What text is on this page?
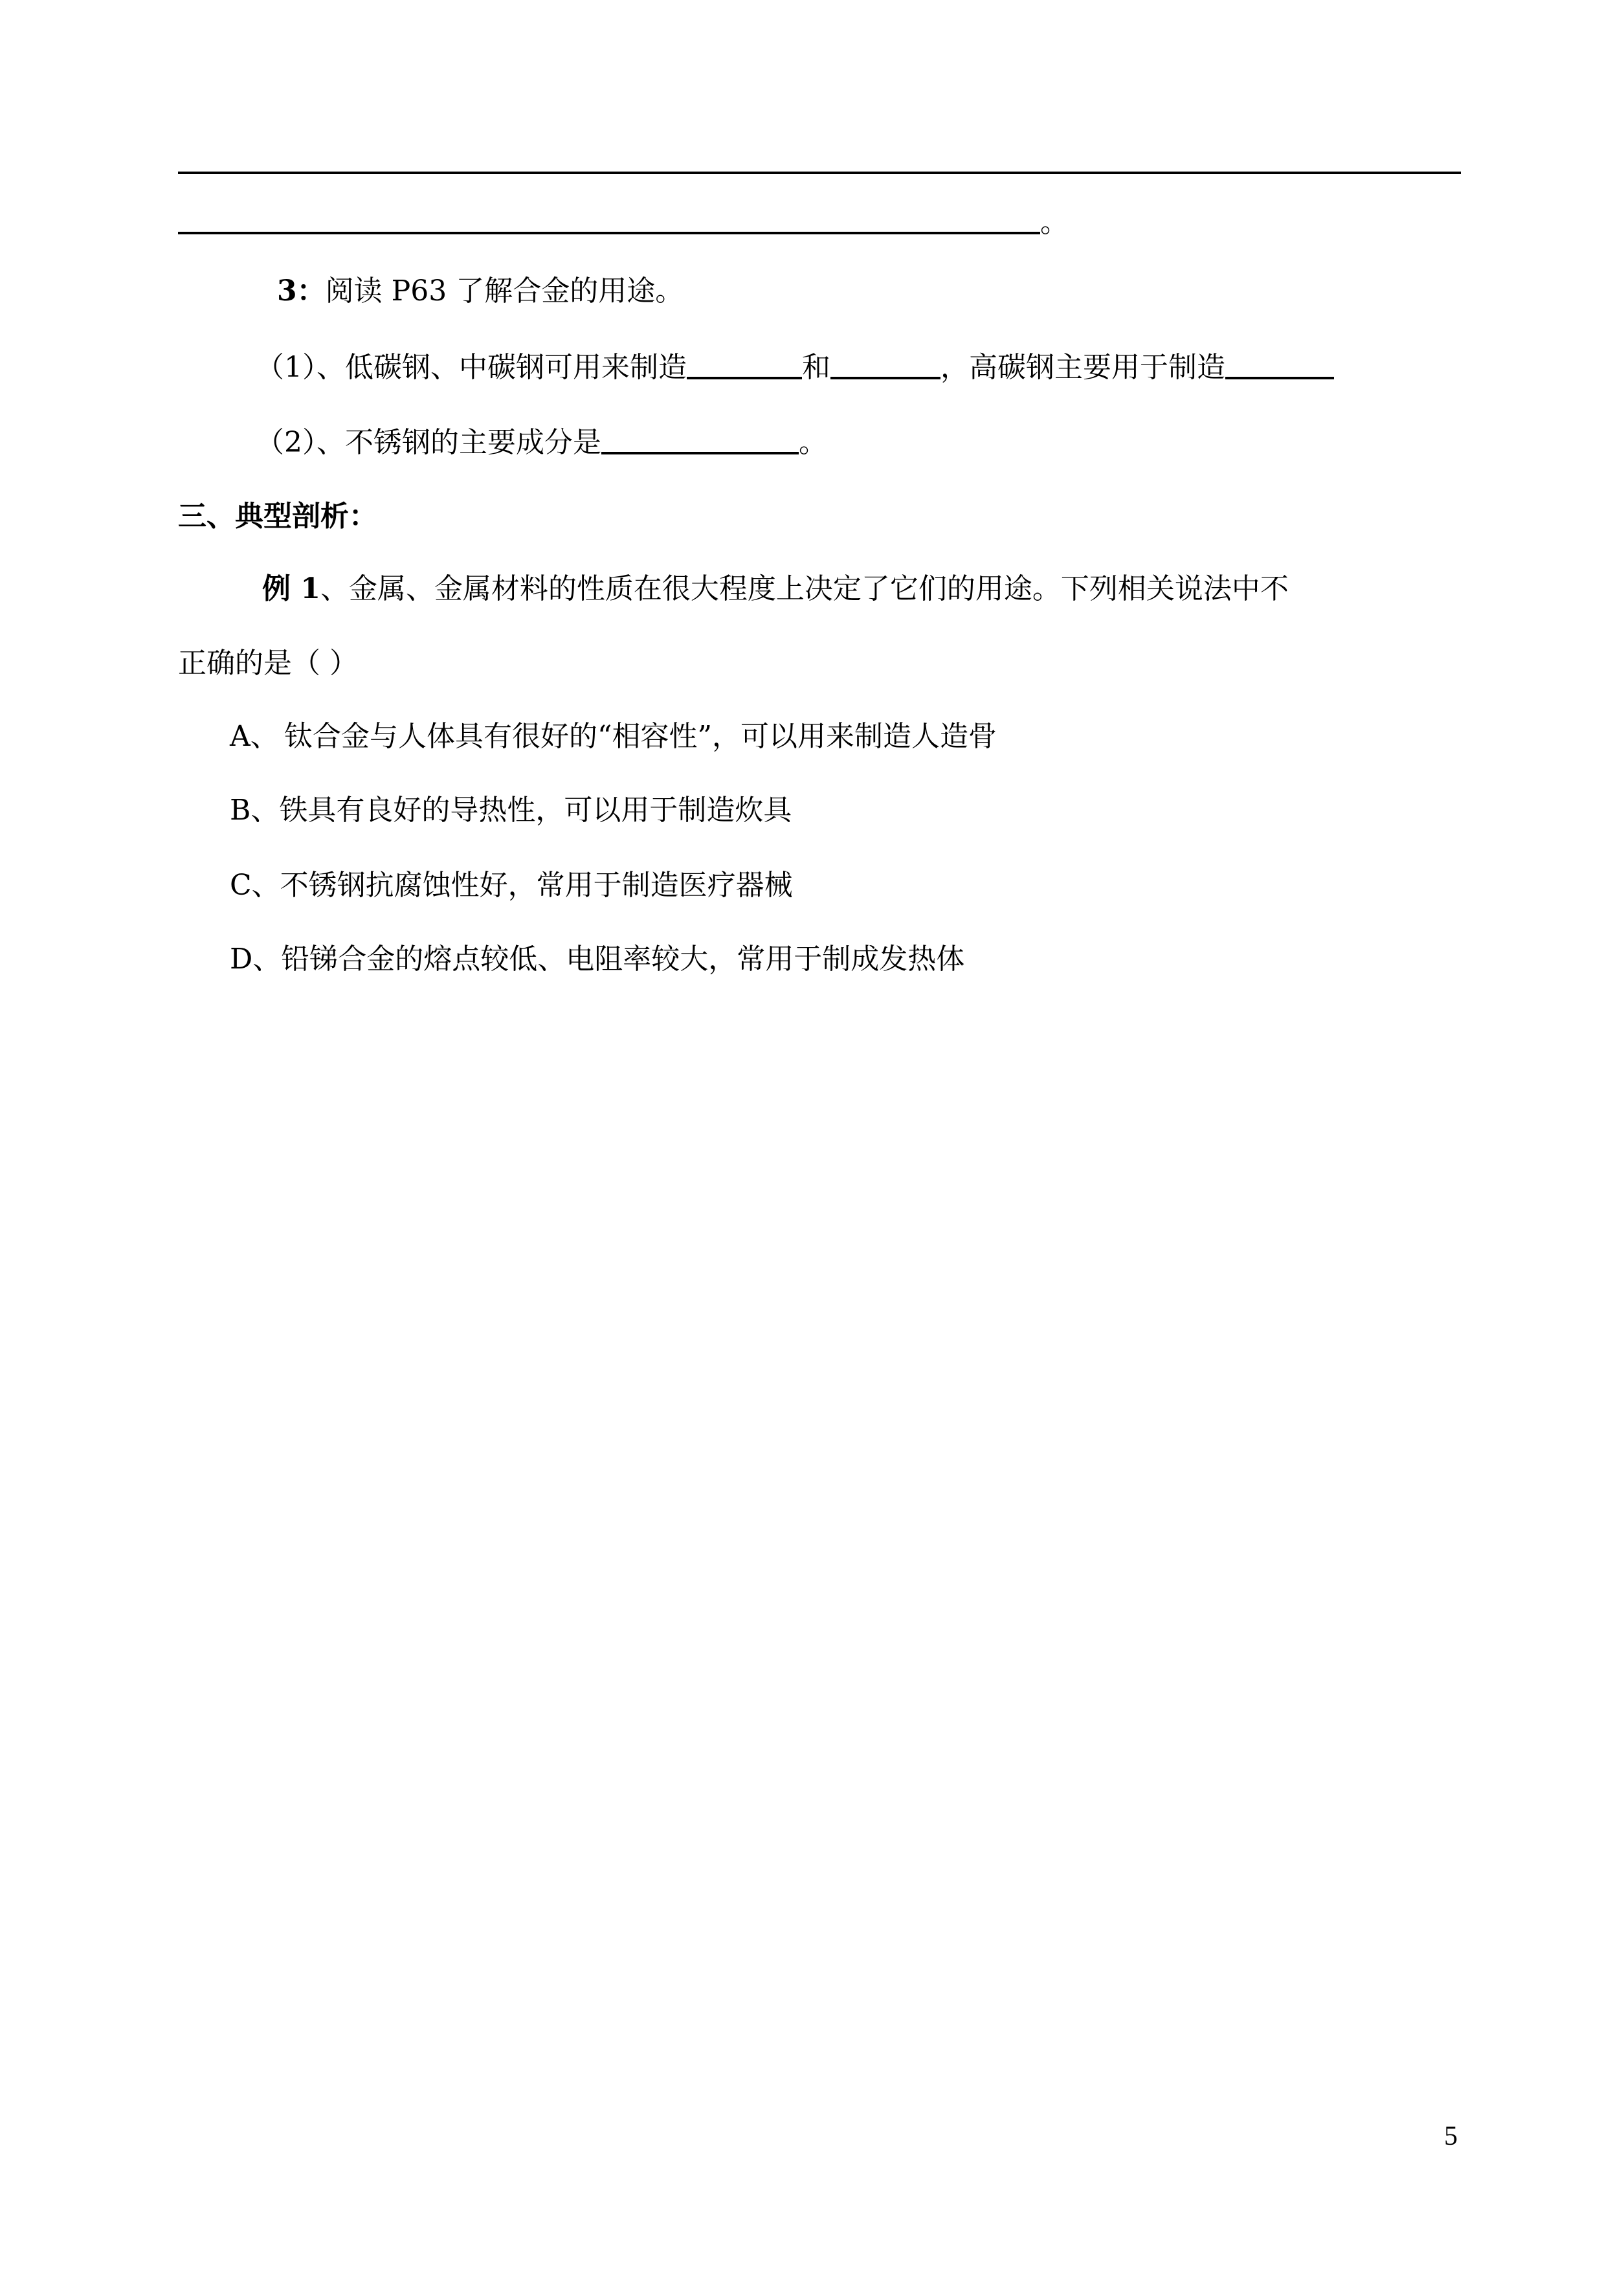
。
3：阅读 P63 了解合金的用途。
（1）、低碳钢、中碳钢可用来制造	和	，高碳钢主要用于制造
（2）、不锈钢的主要成分是	。
三、典型剖析：
例 1、金属、金属材料的性质在很大程度上决定了它们的用途。下列相关说法中不
正确的是（ ）
A、 钛合金与人体具有很好的“相容性”，可以用来制造人造骨
B、铁具有良好的导热性，可以用于制造炊具
C、不锈钢抗腐蚀性好，常用于制造医疗器械
D、铅锑合金的熔点较低、电阻率较大，常用于制成发热体
5
